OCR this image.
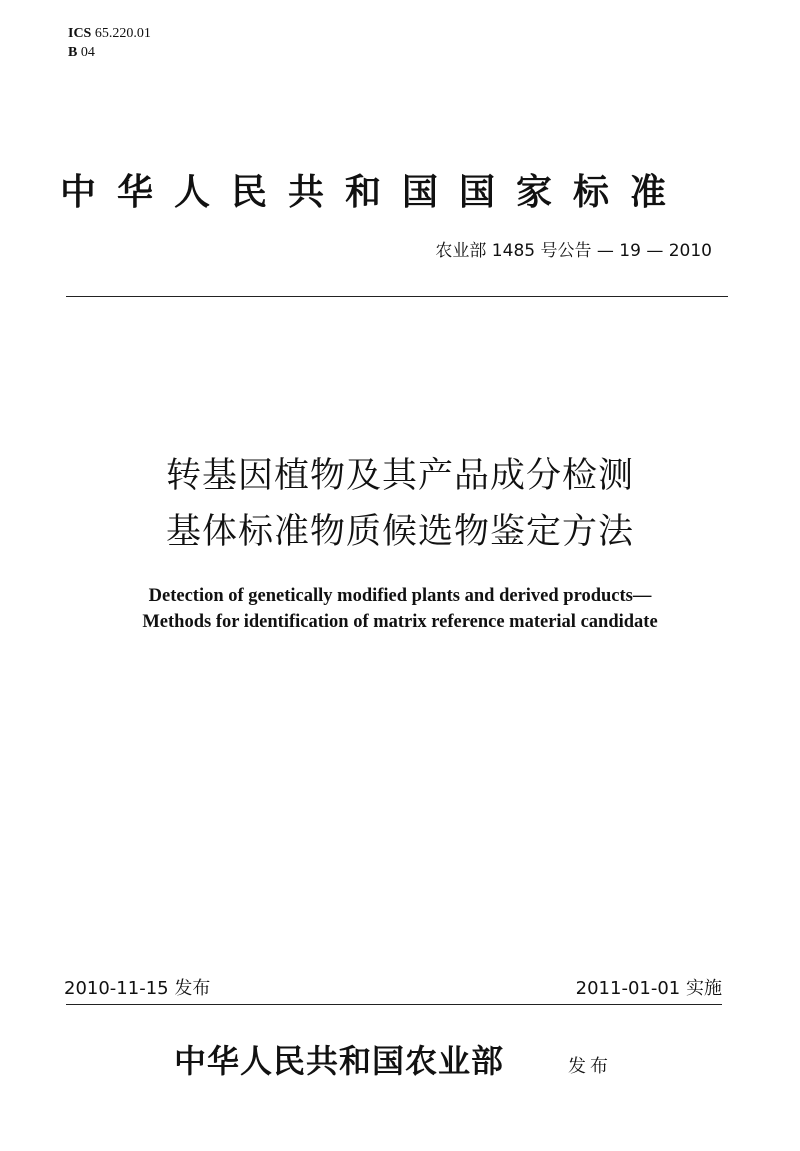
ICS 65.220.01
B 04
中华人民共和国国家标准
农业部 1485 号公告 — 19 — 2010
转基因植物及其产品成分检测
基体标准物质候选物鉴定方法
Detection of genetically modified plants and derived products—
Methods for identification of matrix reference material candidate
2010-11-15 发布	2011-01-01 实施
中华人民共和国农业部	发布
